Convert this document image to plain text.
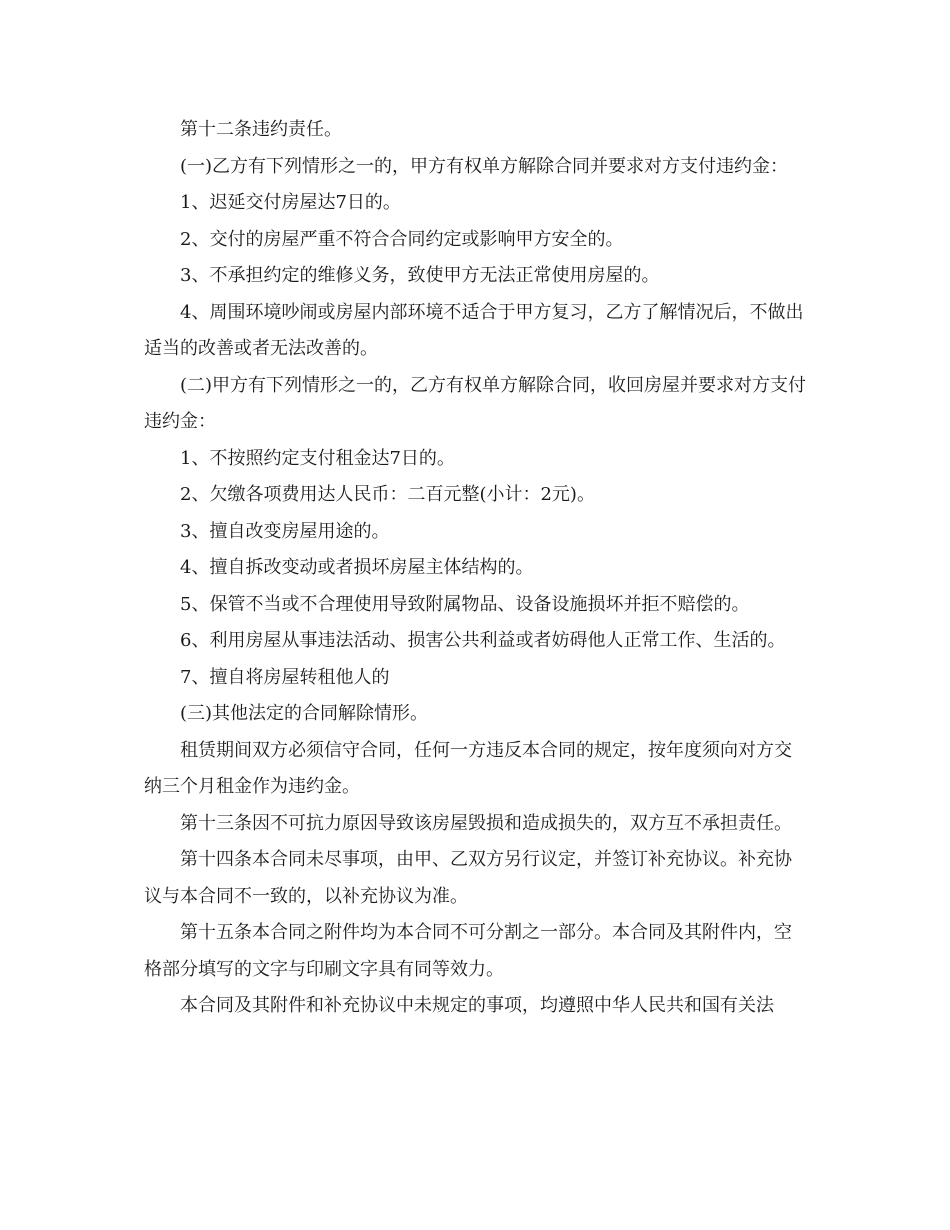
第十二条违约责任。

(一)乙方有下列情形之一的，甲方有权单方解除合同并要求对方支付违约金：

1、迟延交付房屋达7日的。

2、交付的房屋严重不符合合同约定或影响甲方安全的。

3、不承担约定的维修义务，致使甲方无法正常使用房屋的。

4、周围环境吵闹或房屋内部环境不适合于甲方复习，乙方了解情况后，不做出适当的改善或者无法改善的。

(二)甲方有下列情形之一的，乙方有权单方解除合同，收回房屋并要求对方支付违约金：

1、不按照约定支付租金达7日的。

2、欠缴各项费用达人民币：二百元整(小计：2元)。

3、擅自改变房屋用途的。

4、擅自拆改变动或者损坏房屋主体结构的。

5、保管不当或不合理使用导致附属物品、设备设施损坏并拒不赔偿的。

6、利用房屋从事违法活动、损害公共利益或者妨碍他人正常工作、生活的。

7、擅自将房屋转租他人的

(三)其他法定的合同解除情形。

租赁期间双方必须信守合同，任何一方违反本合同的规定，按年度须向对方交纳三个月租金作为违约金。

第十三条因不可抗力原因导致该房屋毁损和造成损失的，双方互不承担责任。

第十四条本合同未尽事项，由甲、乙双方另行议定，并签订补充协议。补充协议与本合同不一致的，以补充协议为准。

第十五条本合同之附件均为本合同不可分割之一部分。本合同及其附件内，空格部分填写的文字与印刷文字具有同等效力。

本合同及其附件和补充协议中未规定的事项，均遵照中华人民共和国有关法
